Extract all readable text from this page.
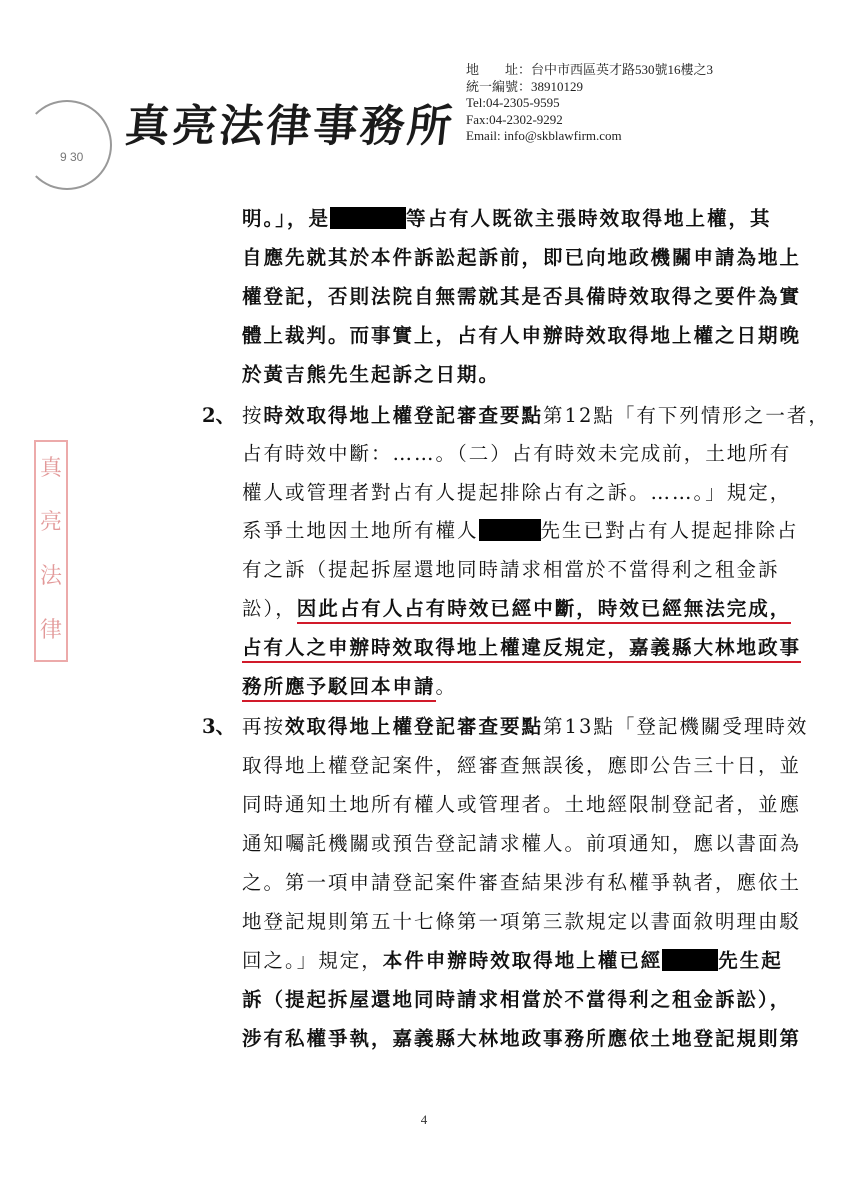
真亮法律事務所
地　　址：台中市西區英才路530號16樓之3
統一編號：38910129
Tel:04-2305-9595
Fax:04-2302-9292
Email: info@skblawfirm.com
9 30
真
亮
法
律
明。」，是	等占有人既欲主張時效取得地上權，其
自應先就其於本件訴訟起訴前，即已向地政機關申請為地上
權登記，否則法院自無需就其是否具備時效取得之要件為實
體上裁判。而事實上，占有人申辦時效取得地上權之日期晚
於黃吉熊先生起訴之日期。
2、 按時效取得地上權登記審查要點第12點「有下列情形之一者，
占有時效中斷：……。（二）占有時效未完成前，土地所有
權人或管理者對占有人提起排除占有之訴。……。」規定，
系爭土地因土地所有權人	先生已對占有人提起排除占
有之訴（提起拆屋還地同時請求相當於不當得利之租金訴
訟），因此占有人占有時效已經中斷，時效已經無法完成，
占有人之申辦時效取得地上權違反規定，嘉義縣大林地政事
務所應予駁回本申請。
3、 再按效取得地上權登記審查要點第13點「登記機關受理時效
取得地上權登記案件，經審查無誤後，應即公告三十日，並
同時通知土地所有權人或管理者。土地經限制登記者，並應
通知囑託機關或預告登記請求權人。前項通知，應以書面為
之。第一項申請登記案件審查結果涉有私權爭執者，應依土
地登記規則第五十七條第一項第三款規定以書面敘明理由駁
回之。」規定，本件申辦時效取得地上權已經	先生起
訴（提起拆屋還地同時請求相當於不當得利之租金訴訟），
涉有私權爭執，嘉義縣大林地政事務所應依土地登記規則第
4
